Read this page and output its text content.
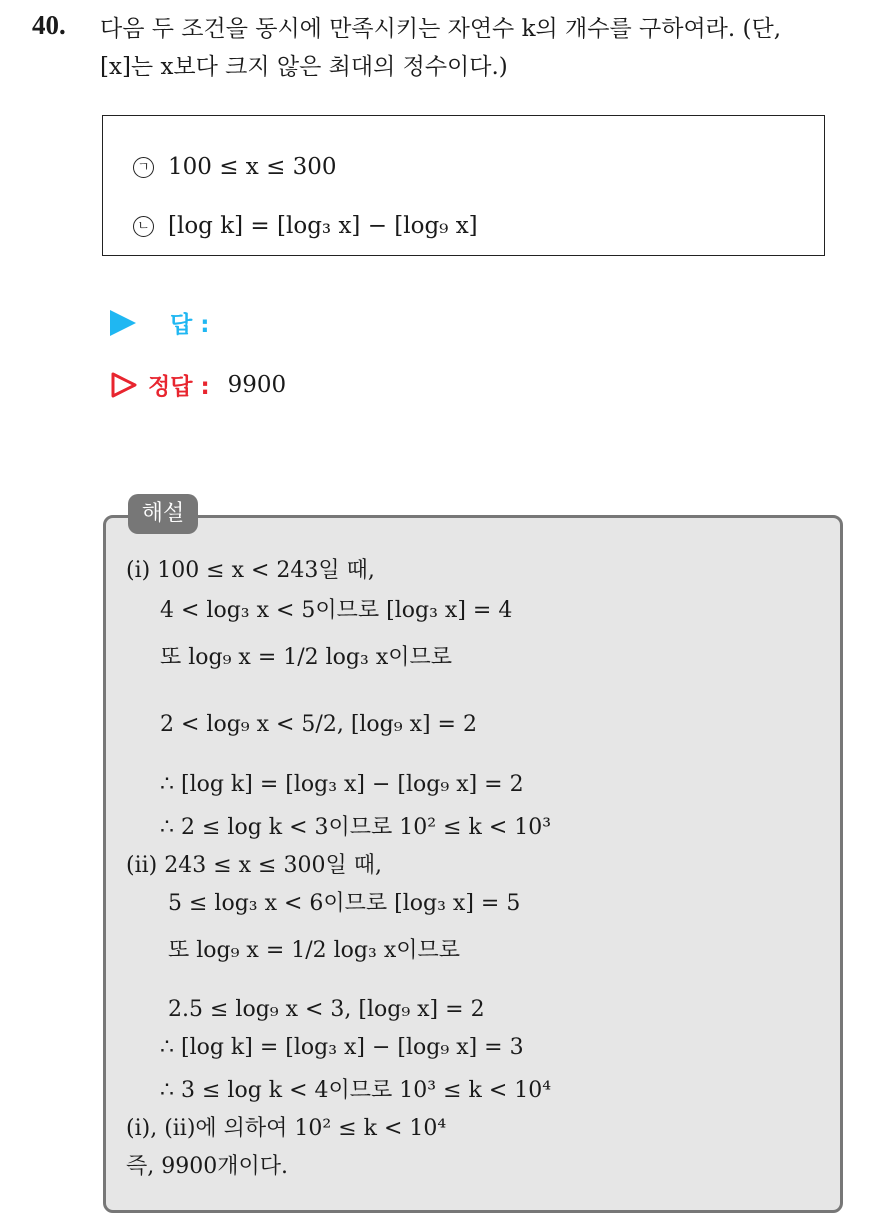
40. 다음 두 조건을 동시에 만족시키는 자연수 k의 개수를 구하여라. (단,
[x]는 x보다 크지 않은 최대의 정수이다.)
ㄱ 100 ≤ x ≤ 300
ㄴ [log k] = [log₃ x] − [log₉ x]
답 :
정답 : 9900
해설
(i) 100 ≤ x < 243일 때,
4 < log₃ x < 5이므로 [log₃ x] = 4
또 log₉ x = 1/2 log₃ x이므로
2 < log₉ x < 5/2, [log₉ x] = 2
∴ [log k] = [log₃ x] − [log₉ x] = 2
∴ 2 ≤ log k < 3이므로 10² ≤ k < 10³
(ii) 243 ≤ x ≤ 300일 때,
5 ≤ log₃ x < 6이므로 [log₃ x] = 5
또 log₉ x = 1/2 log₃ x이므로
2.5 ≤ log₉ x < 3, [log₉ x] = 2
∴ [log k] = [log₃ x] − [log₉ x] = 3
∴ 3 ≤ log k < 4이므로 10³ ≤ k < 10⁴
(i), (ii)에 의하여 10² ≤ k < 10⁴
즉, 9900개이다.
